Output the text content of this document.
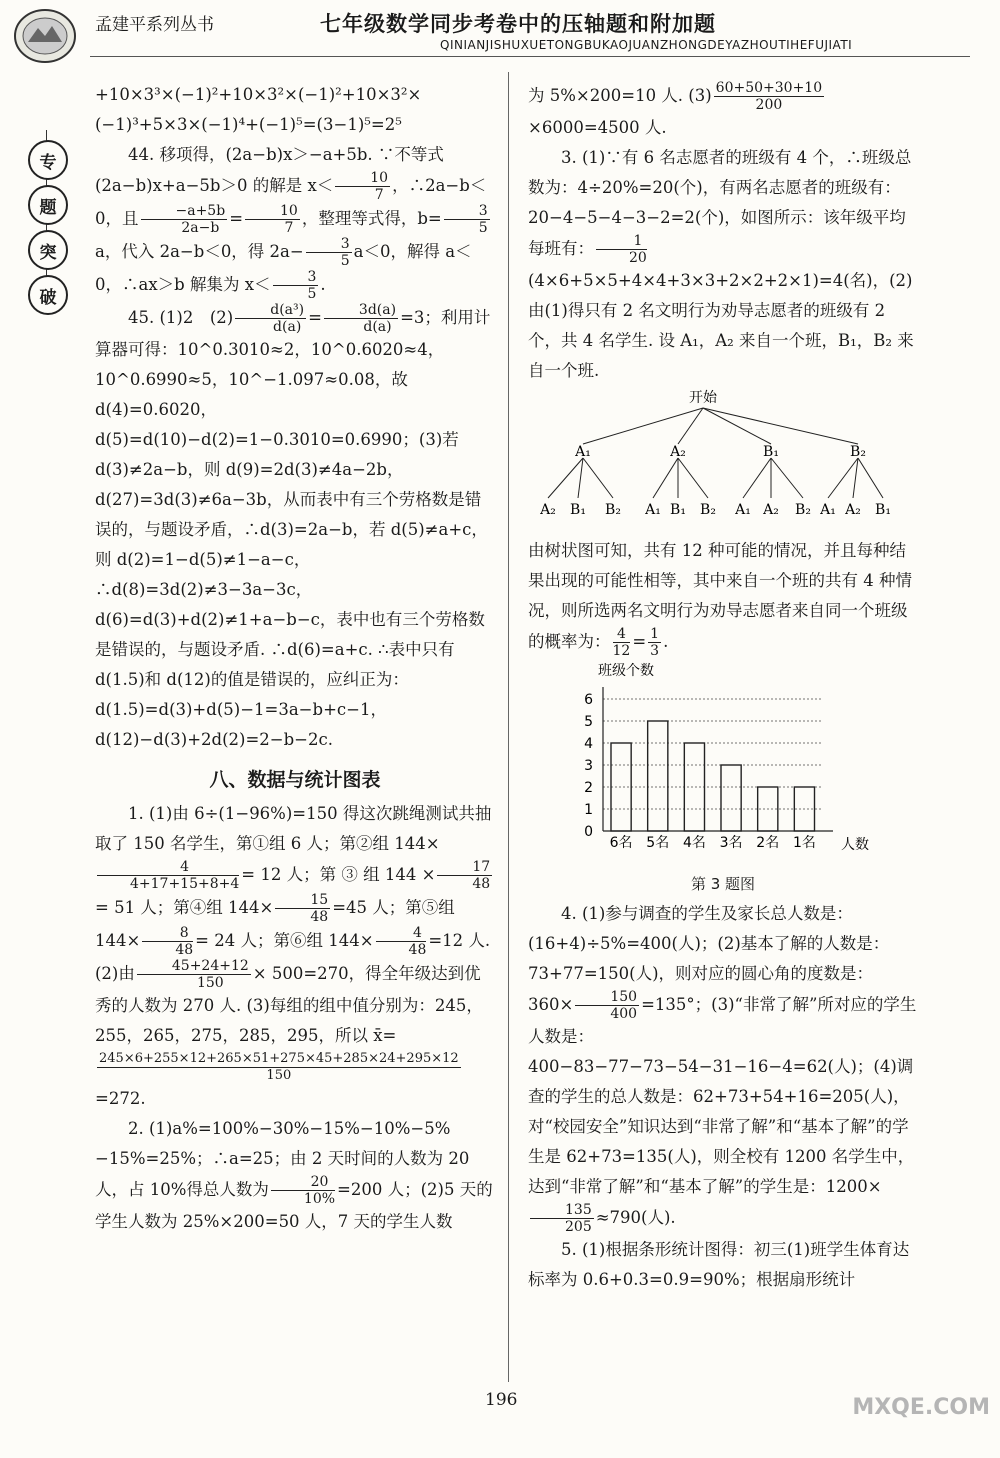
孟建平系列丛书	七年级数学同步考卷中的压轴题和附加题
QINIANJISHUXUETONGBUKAOJUANZHONGDEYAZHOUTIHEFUJIATI
专
题
突
破

+10×3³×(−1)²+10×3²×(−1)²+10×3²×

(−1)³+5×3×(−1)⁴+(−1)⁵=(3−1)⁵=2⁵

44. 移项得，(2a−b)x＞−a+5b. ∵不等式(2a−b)x+a−5b＞0 的解是 $x< \frac{10}{7}$ ，∴2a−b＜0，且 $\frac{-a+5b}{2a-b} = \frac{10}{7}$ ，整理等式得，$b= \frac{3}{5}$
a，代入 2a−b＜0，得 $2a- \frac{3}{5} a<0$，解得 a＜0，∴ax＞b 解集为 $x< \frac{3}{5}$ .

45. (1)2　$(2) \frac{\text{d(a³)}}{d(a)} = \frac{3d(a)}{d(a)} =3$；利用计算器可得：10^0.3010≈2，10^0.6020≈4，10^0.6990≈5，10^−1.097≈0.08，故 d(4)=0.6020，d(5)=d(10)−d(2)=1−0.3010=0.6990；(3)若 d(3)≠2a−b，则 d(9)=2d(3)≠4a−2b，d(27)=3d(3)≠6a−3b，从而表中有三个劳格数是错误的，与题设矛盾，∴d(3)=2a−b，若 d(5)≠a+c，则 d(2)=1−d(5)≠1−a−c，∴d(8)=3d(2)≠3−3a−3c，d(6)=d(3)+d(2)≠1+a−b−c，表中也有三个劳格数是错误的，与题设矛盾. ∴d(6)=a+c. ∴表中只有 d(1.5)和 d(12)的值是错误的，应纠正为：d(1.5)=d(3)+d(5)−1=3a−b+c−1，d(12)−d(3)+2d(2)=2−b−2c.

八、数据与统计图表

1. (1)由 6÷(1−96%)=150 得这次跳绳测试共抽取了 150 名学生，第①组 6 人；第②组 144×
$\frac{4}{4+17+15+8+4} = 12$ 人；第 ③ 组 $144 \times \frac{17}{48}$
= 51 人；第④组 $144\times \frac{15}{48} =45$ 人；第⑤组 $144\times \frac{8}{48} = 24$ 人；第⑥组 $144\times \frac{4}{48} =12$ 人.　(2)由 $\frac{45+24+12}{150} \times 500=270$，得全年级达到优秀的人数为 270 人. (3)每组的组中值分别为：245，255，265，275，285，295，所以 x̄=

$\frac{245\times 6+255\times 12+265\times 51+275\times 45+285\times 24+295\times 12}{150}$

=272.

2. (1)a%=100%−30%−15%−10%−5%−15%=25%；∴a=25；由 2 天时间的人数为 20 人，占 10%得总人数为 $\frac{20}{10\%} =200$ 人；(2)5 天的学生人数为 25%×200=50 人，7 天的学生人数

为 5%×200=10 人. $(3) \frac{60+50+30+10}{200}$
×6000=4500 人.

3. (1)∵有 6 名志愿者的班级有 4 个，∴班级总数为：4÷20%=20(个)，有两名志愿者的班级有：20−4−5−4−3−2=2(个)，如图所示：该年级平均每班有： $\frac{1}{20}$
(4×6+5×5+4×4+3×3+2×2+2×1)=4(名)，(2)由(1)得只有 2 名文明行为劝导志愿者的班级有 2 个，共 4 名学生. 设 A₁，A₂ 来自一个班，B₁，B₂ 来自一个班.

开始
A₁	A₂	B₁	B₂
A₂ B₁ B₂ A₁ B₁ B₂ A₁ A₂ B₂ A₁ A₂ B₁

由树状图可知，共有 12 种可能的情况，并且每种结果出现的可能性相等，其中来自一个班的共有 4 种情况，则所选两名文明行为劝导志愿者来自同一个班级的概率为： $\frac{4}{12} = \frac{1}{3}$ .

班级个数
0
1
2
3
4
5
6
6名 5名 4名 3名 2名 1名 人数
第 3 题图

4. (1)参与调查的学生及家长总人数是：(16+4)÷5%=400(人)；(2)基本了解的人数是：73+77=150(人)，则对应的圆心角的度数是：$360\times \frac{150}{400} =135^\circ$；(3)“非常了解”所对应的学生人数是：400−83−77−73−54−31−16−4=62(人)；(4)调查的学生的总人数是：62+73+54+16=205(人)，对“校园安全”知识达到“非常了解”和“基本了解”的学生是 62+73=135(人)，则全校有 1200 名学生中，达到“非常了解”和“基本了解”的学生是：1200×
$\frac{135}{205} \approx 790$(人).

5. (1)根据条形统计图得：初三(1)班学生体育达标率为 0.6+0.3=0.9=90%；根据扇形统计

196	MXQE.COM
